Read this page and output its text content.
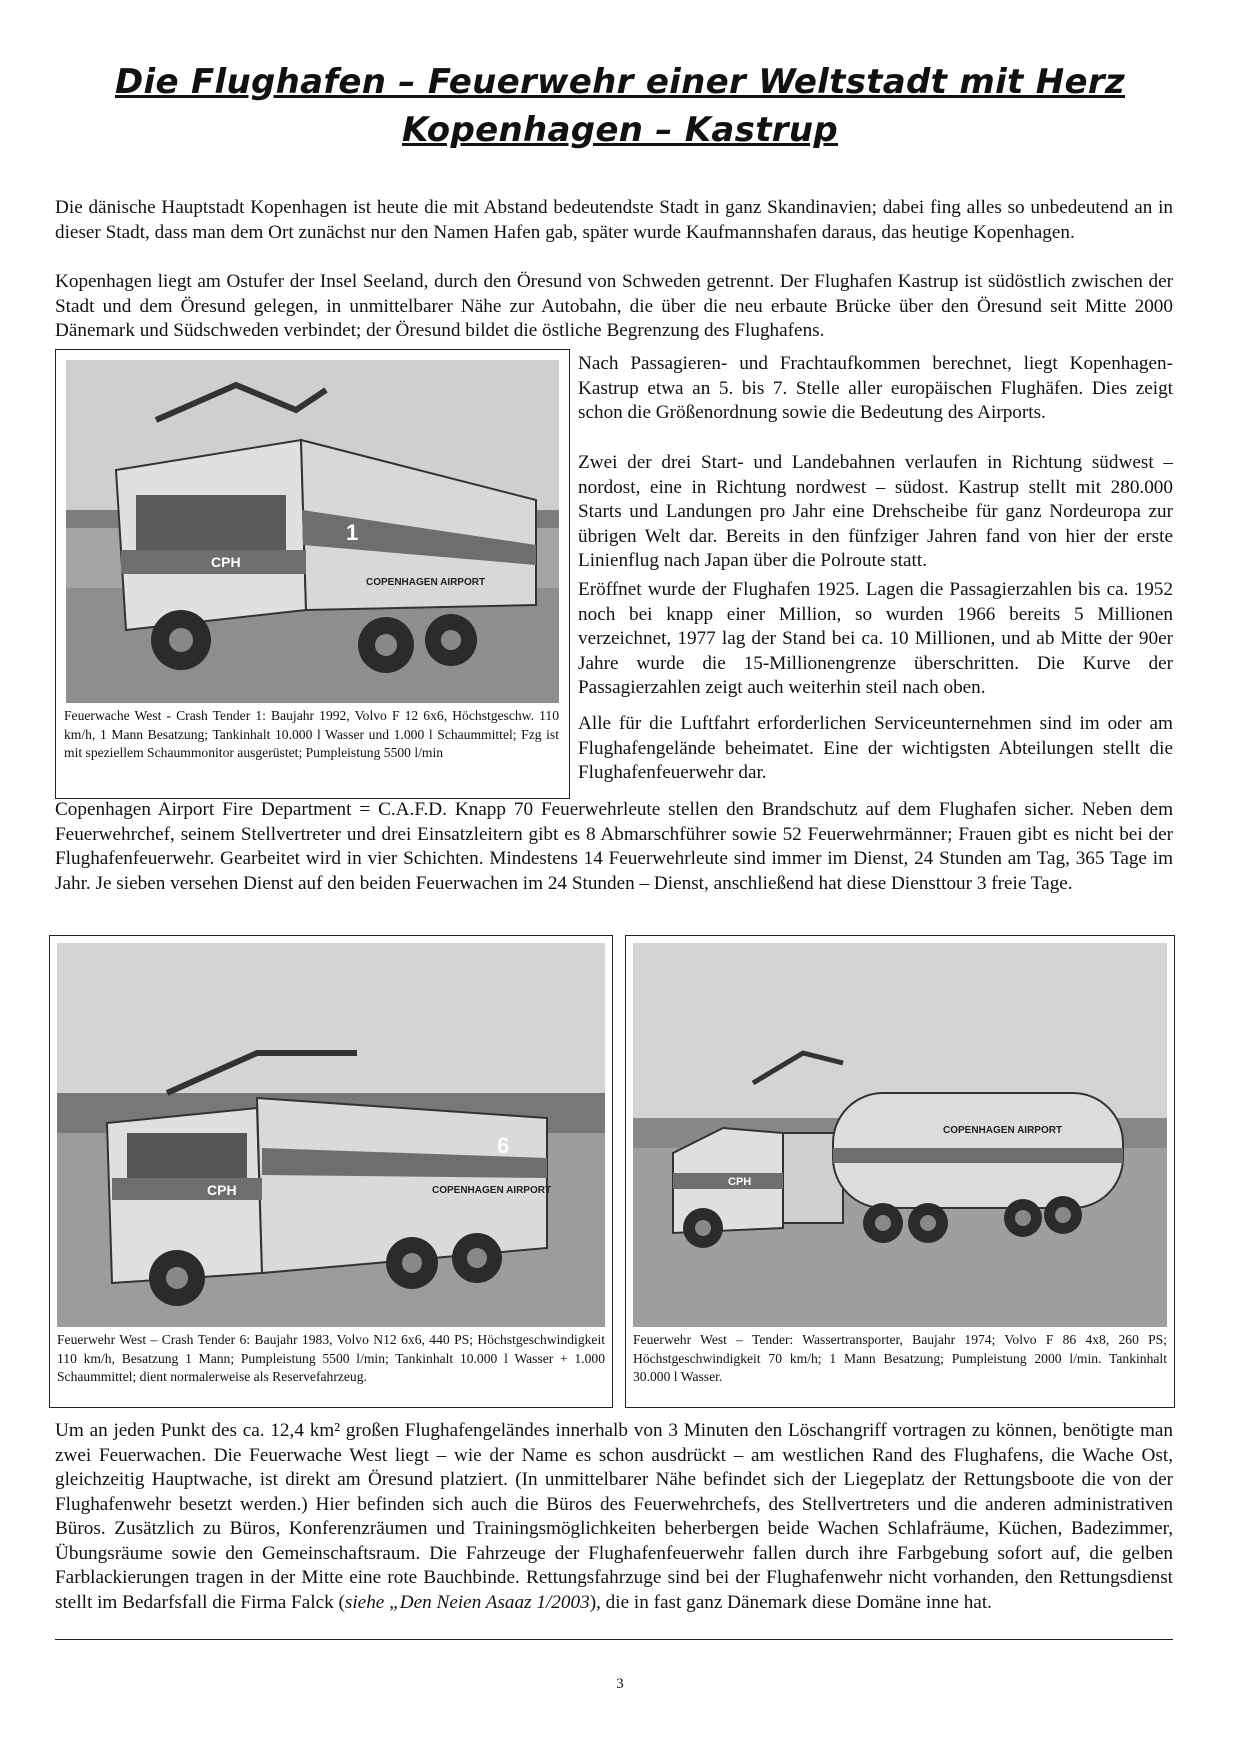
Die Flughafen – Feuerwehr einer Weltstadt mit Herz
Kopenhagen – Kastrup

Die dänische Hauptstadt Kopenhagen ist heute die mit Abstand bedeutendste Stadt in ganz Skandinavien; dabei fing alles so unbedeutend an in dieser Stadt, dass man dem Ort zunächst nur den Namen Hafen gab, später wurde Kaufmannshafen daraus, das heutige Kopenhagen.

Kopenhagen liegt am Ostufer der Insel Seeland, durch den Öresund von Schweden getrennt. Der Flughafen Kastrup ist südöstlich zwischen der Stadt und dem Öresund gelegen, in unmittelbarer Nähe zur Autobahn, die über die neu erbaute Brücke über den Öresund seit Mitte 2000 Dänemark und Südschweden verbindet; der Öresund bildet die östliche Begrenzung des Flughafens.

CPH
1
COPENHAGEN AIRPORT

Feuerwache West - Crash Tender 1: Baujahr 1992, Volvo F 12 6x6, Höchstgeschw. 110 km/h, 1 Mann Besatzung; Tankinhalt 10.000 l Wasser und 1.000 l Schaummittel; Fzg ist mit speziellem Schaummonitor ausgerüstet; Pumpleistung 5500 l/min

Nach Passagieren- und Frachtaufkommen berechnet, liegt Kopenhagen-Kastrup etwa an 5. bis 7. Stelle aller europäischen Flughäfen. Dies zeigt schon die Größenordnung sowie die Bedeutung des Airports.

Zwei der drei Start- und Landebahnen verlaufen in Richtung südwest – nordost, eine in Richtung nordwest – südost. Kastrup stellt mit 280.000 Starts und Landungen pro Jahr eine Drehscheibe für ganz Nordeuropa zur übrigen Welt dar. Bereits in den fünfziger Jahren fand von hier der erste Linienflug nach Japan über die Polroute statt.

Eröffnet wurde der Flughafen 1925. Lagen die Passagierzahlen bis ca. 1952 noch bei knapp einer Million, so wurden 1966 bereits 5 Millionen verzeichnet, 1977 lag der Stand bei ca. 10 Millionen, und ab Mitte der 90er Jahre wurde die 15-Millionengrenze überschritten. Die Kurve der Passagierzahlen zeigt auch weiterhin steil nach oben.

Alle für die Luftfahrt erforderlichen Serviceunternehmen sind im oder am Flughafengelände beheimatet. Eine der wichtigsten Abteilungen stellt die Flughafenfeuerwehr dar.

Copenhagen Airport Fire Department = C.A.F.D. Knapp 70 Feuerwehrleute stellen den Brandschutz auf dem Flughafen sicher. Neben dem Feuerwehrchef, seinem Stellvertreter und drei Einsatzleitern gibt es 8 Abmarschführer sowie 52 Feuerwehrmänner; Frauen gibt es nicht bei der Flughafenfeuerwehr. Gearbeitet wird in vier Schichten. Mindestens 14 Feuerwehrleute sind immer im Dienst, 24 Stunden am Tag, 365 Tage im Jahr. Je sieben versehen Dienst auf den beiden Feuerwachen im 24 Stunden – Dienst, anschließend hat diese Diensttour 3 freie Tage.

CPH
6
COPENHAGEN AIRPORT

Feuerwehr West – Crash Tender 6: Baujahr 1983, Volvo N12 6x6, 440 PS; Höchstgeschwindigkeit 110 km/h, Besatzung 1 Mann; Pumpleistung 5500 l/min; Tankinhalt 10.000 l Wasser + 1.000 Schaummittel; dient normalerweise als Reservefahrzeug.

CPH
COPENHAGEN AIRPORT

Feuerwehr West – Tender: Wassertransporter, Baujahr 1974; Volvo F 86 4x8, 260 PS; Höchstgeschwindigkeit 70 km/h; 1 Mann Besatzung; Pumpleistung 2000 l/min. Tankinhalt 30.000 l Wasser.

Um an jeden Punkt des ca. 12,4 km² großen Flughafengeländes innerhalb von 3 Minuten den Löschangriff vortragen zu können, benötigte man zwei Feuerwachen. Die Feuerwache West liegt – wie der Name es schon ausdrückt – am westlichen Rand des Flughafens, die Wache Ost, gleichzeitig Hauptwache, ist direkt am Öresund platziert. (In unmittelbarer Nähe befindet sich der Liegeplatz der Rettungsboote die von der Flughafenwehr besetzt werden.) Hier befinden sich auch die Büros des Feuerwehrchefs, des Stellvertreters und die anderen administrativen Büros. Zusätzlich zu Büros, Konferenzräumen und Trainingsmöglichkeiten beherbergen beide Wachen Schlafräume, Küchen, Badezimmer, Übungsräume sowie den Gemeinschaftsraum. Die Fahrzeuge der Flughafenfeuerwehr fallen durch ihre Farbgebung sofort auf, die gelben Farblackierungen tragen in der Mitte eine rote Bauchbinde. Rettungsfahrzuge sind bei der Flughafenwehr nicht vorhanden, den Rettungsdienst stellt im Bedarfsfall die Firma Falck (siehe „Den Neien Asaaz 1/2003), die in fast ganz Dänemark diese Domäne inne hat.

3
